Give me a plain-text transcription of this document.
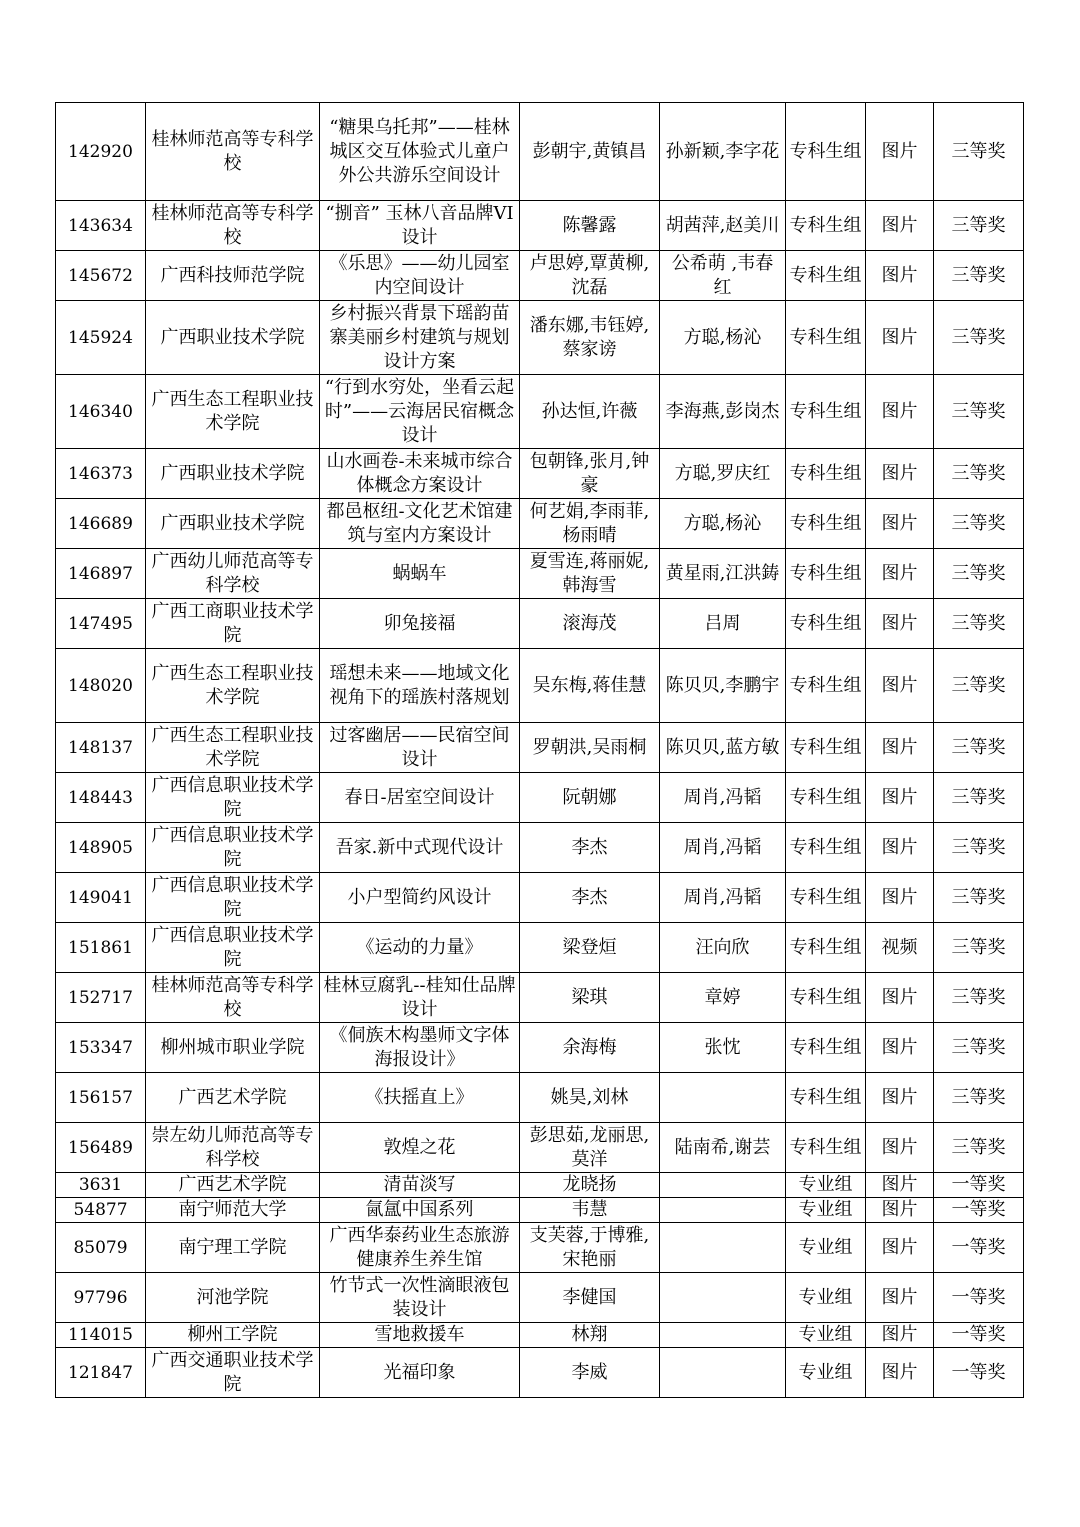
142920	桂林师范高等专科学校	“糖果乌托邦”——桂林城区交互体验式儿童户外公共游乐空间设计	彭朝宇,黄镇昌	孙新颖,李字花	专科生组	图片	三等奖
143634	桂林师范高等专科学校	“捌音” 玉林八音品牌VI设计	陈馨露	胡茜萍,赵美川	专科生组	图片	三等奖
145672	广西科技师范学院	《乐思》——幼儿园室内空间设计	卢思婷,覃黄柳,沈磊	公希萌 ,韦春红	专科生组	图片	三等奖
145924	广西职业技术学院	乡村振兴背景下瑶韵苗寨美丽乡村建筑与规划设计方案	潘东娜,韦钰婷,蔡家谤	方聪,杨沁	专科生组	图片	三等奖
146340	广西生态工程职业技术学院	“行到水穷处，坐看云起时”——云海居民宿概念设计	孙达恒,许薇	李海燕,彭岗杰	专科生组	图片	三等奖
146373	广西职业技术学院	山水画卷-未来城市综合体概念方案设计	包朝锋,张月,钟豪	方聪,罗庆红	专科生组	图片	三等奖
146689	广西职业技术学院	都邑枢纽-文化艺术馆建筑与室内方案设计	何艺娟,李雨菲,杨雨晴	方聪,杨沁	专科生组	图片	三等奖
146897	广西幼儿师范高等专科学校	蜗蜗车	夏雪连,蒋丽妮,韩海雪	黄星雨,江洪鋳	专科生组	图片	三等奖
147495	广西工商职业技术学院	卯兔接福	滚海茂	吕周	专科生组	图片	三等奖
148020	广西生态工程职业技术学院	瑶想未来——地域文化视角下的瑶族村落规划	吴东梅,蒋佳慧	陈贝贝,李鹏宇	专科生组	图片	三等奖
148137	广西生态工程职业技术学院	过客幽居——民宿空间设计	罗朝洪,吴雨桐	陈贝贝,蓝方敏	专科生组	图片	三等奖
148443	广西信息职业技术学院	春日-居室空间设计	阮朝娜	周肖,冯韬	专科生组	图片	三等奖
148905	广西信息职业技术学院	吾家.新中式现代设计	李杰	周肖,冯韬	专科生组	图片	三等奖
149041	广西信息职业技术学院	小户型简约风设计	李杰	周肖,冯韬	专科生组	图片	三等奖
151861	广西信息职业技术学院	《运动的力量》	梁登烜	汪向欣	专科生组	视频	三等奖
152717	桂林师范高等专科学校	桂林豆腐乳--桂知仕品牌设计	梁琪	章婷	专科生组	图片	三等奖
153347	柳州城市职业学院	《侗族木构墨师文字体海报设计》	余海梅	张忱	专科生组	图片	三等奖
156157	广西艺术学院	《扶摇直上》	姚昊,刘林		专科生组	图片	三等奖
156489	崇左幼儿师范高等专科学校	敦煌之花	彭思茹,龙丽思,莫洋	陆南希,谢芸	专科生组	图片	三等奖
3631	广西艺术学院	清苗淡写	龙晓扬		专业组	图片	一等奖
54877	南宁师范大学	氤氲中国系列	韦慧		专业组	图片	一等奖
85079	南宁理工学院	广西华泰药业生态旅游健康养生养生馆	支芙蓉,于博雅,宋艳丽		专业组	图片	一等奖
97796	河池学院	竹节式一次性滴眼液包装设计	李健国		专业组	图片	一等奖
114015	柳州工学院	雪地救援车	林翔		专业组	图片	一等奖
121847	广西交通职业技术学院	光福印象	李威		专业组	图片	一等奖
